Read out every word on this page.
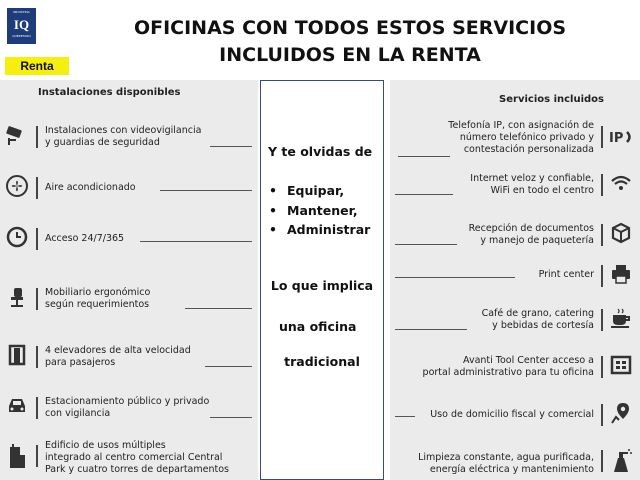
INDUSTRIA
IQ
QUERETARO
Renta
OFICINAS CON TODOS ESTOS SERVICIOS
INCLUIDOS EN LA RENTA
Instalaciones disponibles
Instalaciones con videovigilancia
y guardias de seguridad
Aire acondicionado
Acceso 24/7/365
Mobiliario ergonómico
según requerimientos
4 elevadores de alta velocidad
para pasajeros
Estacionamiento público y privado
con vigilancia
Edificio de usos múltiples
integrado al centro comercial Central
Park y cuatro torres de departamentos
Y te olvidas de
• Equipar,
• Mantener,
• Administrar
Lo que implica
una oficina
tradicional
Servicios incluidos
IP
Telefonía IP, con asignación de
número telefónico privado y
contestación personalizada
Internet veloz y confiable,
WiFi en todo el centro
Recepción de documentos
y manejo de paquetería
Print center
Café de grano, catering
y bebidas de cortesía
Avanti Tool Center acceso a
portal administrativo para tu oficina
Uso de domicilio fiscal y comercial
Limpieza constante, agua purificada,
energía eléctrica y mantenimiento
